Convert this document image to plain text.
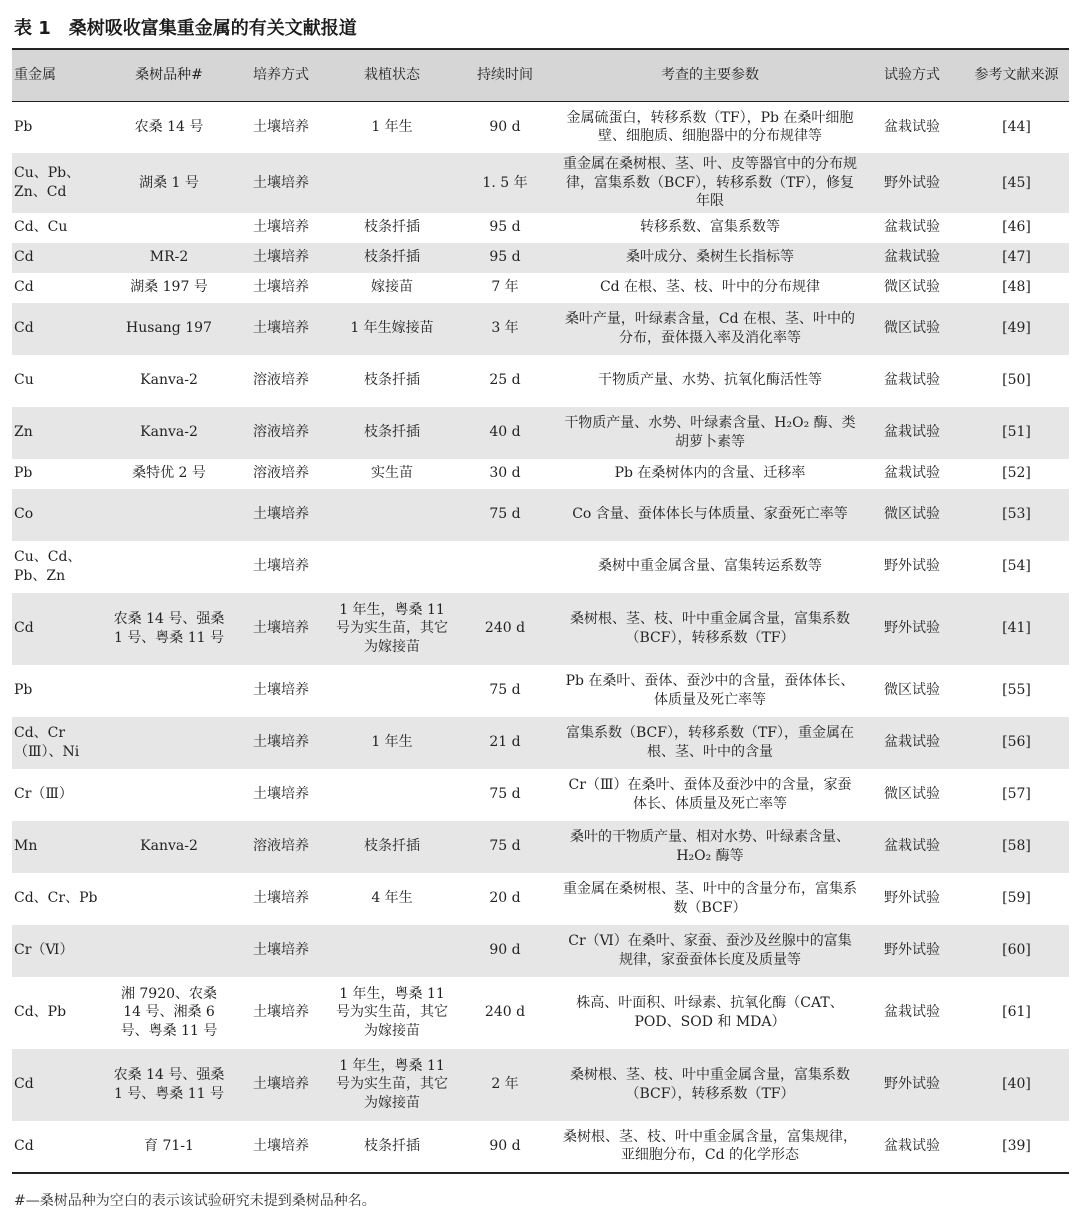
表 1 桑树吸收富集重金属的有关文献报道
重金属	桑树品种#	培养方式	栽植状态	持续时间	考查的主要参数	试验方式	参考文献来源
Pb	农桑 14 号	土壤培养	1 年生	90 d	金属硫蛋白，转移系数（TF），Pb 在桑叶细胞壁、细胞质、细胞器中的分布规律等	盆栽试验	[44]
Cu、Pb、Zn、Cd	湖桑 1 号	土壤培养		1. 5 年	重金属在桑树根、茎、叶、皮等器官中的分布规律，富集系数（BCF），转移系数（TF），修复年限	野外试验	[45]
Cd、Cu		土壤培养	枝条扦插	95 d	转移系数、富集系数等	盆栽试验	[46]
Cd	MR-2	土壤培养	枝条扦插	95 d	桑叶成分、桑树生长指标等	盆栽试验	[47]
Cd	湖桑 197 号	土壤培养	嫁接苗	7 年	Cd 在根、茎、枝、叶中的分布规律	微区试验	[48]
Cd	Husang 197	土壤培养	1 年生嫁接苗	3 年	桑叶产量，叶绿素含量，Cd 在根、茎、叶中的分布，蚕体摄入率及消化率等	微区试验	[49]
Cu	Kanva-2	溶液培养	枝条扦插	25 d	干物质产量、水势、抗氧化酶活性等	盆栽试验	[50]
Zn	Kanva-2	溶液培养	枝条扦插	40 d	干物质产量、水势、叶绿素含量、H₂O₂ 酶、类胡萝卜素等	盆栽试验	[51]
Pb	桑特优 2 号	溶液培养	实生苗	30 d	Pb 在桑树体内的含量、迁移率	盆栽试验	[52]
Co		土壤培养		75 d	Co 含量、蚕体体长与体质量、家蚕死亡率等	微区试验	[53]
Cu、Cd、Pb、Zn		土壤培养			桑树中重金属含量、富集转运系数等	野外试验	[54]
Cd	农桑 14 号、强桑 1 号、粤桑 11 号	土壤培养	1 年生，粤桑 11 号为实生苗，其它为嫁接苗	240 d	桑树根、茎、枝、叶中重金属含量，富集系数（BCF），转移系数（TF）	野外试验	[41]
Pb		土壤培养		75 d	Pb 在桑叶、蚕体、蚕沙中的含量，蚕体体长、体质量及死亡率等	微区试验	[55]
Cd、Cr（Ⅲ）、Ni		土壤培养	1 年生	21 d	富集系数（BCF），转移系数（TF），重金属在根、茎、叶中的含量	盆栽试验	[56]
Cr（Ⅲ）		土壤培养		75 d	Cr（Ⅲ）在桑叶、蚕体及蚕沙中的含量，家蚕体长、体质量及死亡率等	微区试验	[57]
Mn	Kanva-2	溶液培养	枝条扦插	75 d	桑叶的干物质产量、相对水势、叶绿素含量、H₂O₂ 酶等	盆栽试验	[58]
Cd、Cr、Pb		土壤培养	4 年生	20 d	重金属在桑树根、茎、叶中的含量分布，富集系数（BCF）	野外试验	[59]
Cr（Ⅵ）		土壤培养		90 d	Cr（Ⅵ）在桑叶、家蚕、蚕沙及丝腺中的富集规律，家蚕蚕体长度及质量等	野外试验	[60]
Cd、Pb	湘 7920、农桑 14 号、湘桑 6 号、粤桑 11 号	土壤培养	1 年生，粤桑 11 号为实生苗，其它为嫁接苗	240 d	株高、叶面积、叶绿素、抗氧化酶（CAT、POD、SOD 和 MDA）	盆栽试验	[61]
Cd	农桑 14 号、强桑 1 号、粤桑 11 号	土壤培养	1 年生，粤桑 11 号为实生苗，其它为嫁接苗	2 年	桑树根、茎、枝、叶中重金属含量，富集系数（BCF），转移系数（TF）	野外试验	[40]
Cd	育 71-1	土壤培养	枝条扦插	90 d	桑树根、茎、枝、叶中重金属含量，富集规律，亚细胞分布，Cd 的化学形态	盆栽试验	[39]
#—桑树品种为空白的表示该试验研究未提到桑树品种名。
